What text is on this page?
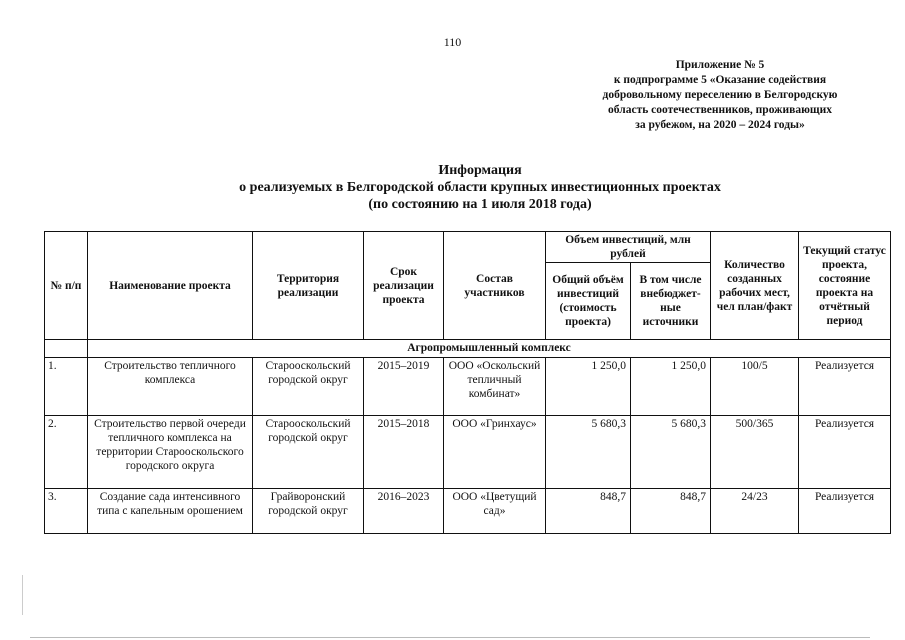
110
Приложение № 5
к подпрограмме 5 «Оказание содействия
добровольному переселению в Белгородскую
область соотечественников, проживающих
за рубежом, на 2020 – 2024 годы»
Информация
о реализуемых в Белгородской области крупных инвестиционных проектах
(по состоянию на 1 июля 2018 года)
№ п/п	Наименование проекта	Территория реализации	Срок реализации проекта	Состав участников	Объем инвестиций, млн рублей		Количество созданных рабочих мест, чел план/факт	Текущий статус проекта, состояние проекта на отчётный период
					Общий объём инвестиций (стоимость проекта)	В том числе внебюджет-ные источники		
	Агропромышленный комплекс							
1.	Строительство тепличного комплекса	Старооскольский городской округ	2015–2019	ООО «Оскольский тепличный комбинат»	1 250,0	1 250,0	100/5	Реализуется
2.	Строительство первой очереди тепличного комплекса на территории Старооскольского городского округа	Старооскольский городской округ	2015–2018	ООО «Гринхаус»	5 680,3	5 680,3	500/365	Реализуется
3.	Создание сада интенсивного типа с капельным орошением	Грайворонский городской округ	2016–2023	ООО «Цветущий сад»	848,7	848,7	24/23	Реализуется
